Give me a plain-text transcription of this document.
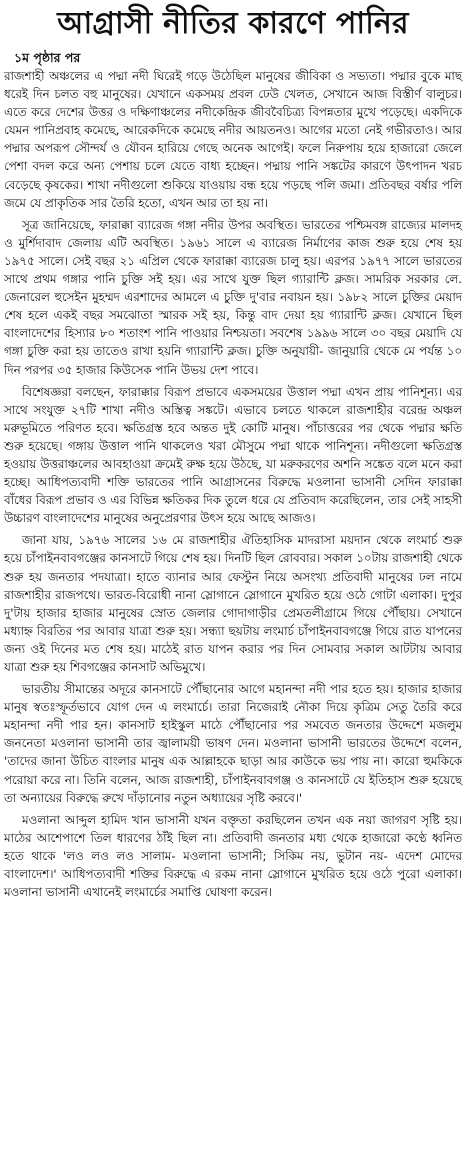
আগ্রাসী নীতির কারণে পানির
১ম পৃষ্ঠার পর

রাজশাহী অঞ্চলের এ পদ্মা নদী ঘিরেই গড়ে উঠেছিল মানুষের জীবিকা ও সভ্যতা। পদ্মার বুকে মাছ ধরেই দিন চলত বহু মানুষের। যেখানে একসময় প্রবল ঢেউ খেলত, সেখানে আজ বিস্তীর্ণ বালুচর। এতে করে দেশের উত্তর ও দক্ষিণাঞ্চলের নদীকেন্দ্রিক জীববৈচিত্র্য বিপন্নতার মুখে পড়েছে। একদিকে যেমন পানিপ্রবাহ কমেছে, আরেকদিকে কমেছে নদীর আয়তনও। আগের মতো নেই গভীরতাও। আর পদ্মার অপরূপ সৌন্দর্য ও যৌবন হারিয়ে গেছে অনেক আগেই। ফলে নিরুপায় হয়ে হাজারো জেলে পেশা বদল করে অন্য পেশায় চলে যেতে বাধ্য হচ্ছেন। পদ্মায় পানি সঙ্কটের কারণে উৎপাদন খরচ বেড়েছে কৃষকের। শাখা নদীগুলো শুকিয়ে যাওয়ায় বন্ধ হয়ে পড়ছে পলি জমা। প্রতিবছর বর্ষার পলি জমে যে প্রাকৃতিক সার তৈরি হতো, এখন আর তা হয় না।

সূত্র জানিয়েছে, ফারাক্কা ব্যারেজ গঙ্গা নদীর উপর অবস্থিত। ভারতের পশ্চিমবঙ্গ রাজ্যের মালদহ ও মুর্শিদাবাদ জেলায় এটি অবস্থিত। ১৯৬১ সালে এ ব্যারেজ নির্মাণের কাজ শুরু হয়ে শেষ হয় ১৯৭৫ সালে। সেই বছর ২১ এপ্রিল থেকে ফারাক্কা ব্যারেজ চালু হয়। এরপর ১৯৭৭ সালে ভারতের সাথে প্রথম গঙ্গার পানি চুক্তি সই হয়। এর সাথে যুক্ত ছিল গ্যারান্টি ক্লজ। সামরিক সরকার লে. জেনারেল হুসেইন মুহম্মদ এরশাদের আমলে এ চুক্তি দু'বার নবায়ন হয়। ১৯৮২ সালে চুক্তির মেয়াদ শেষ হলে একই বছর সমঝোতা স্মারক সই হয়, কিন্তু বাদ দেয়া হয় গ্যারান্টি ক্লজ। যেখানে ছিল বাংলাদেশের হিস্যার ৮০ শতাংশ পানি পাওয়ার নিশ্চয়তা। সবশেষ ১৯৯৬ সালে ৩০ বছর মেয়াদি যে গঙ্গা চুক্তি করা হয় তাতেও রাখা হয়নি গ্যারান্টি ক্লজ। চুক্তি অনুযায়ী- জানুয়ারি থেকে মে পর্যন্ত ১০ দিন পরপর ৩৫ হাজার কিউসেক পানি উভয় দেশ পাবে।

বিশেষজ্ঞরা বলছেন, ফারাক্কার বিরূপ প্রভাবে একসময়ের উত্তাল পদ্মা এখন প্রায় পানিশূন্য। এর সাথে সংযুক্ত ২৭টি শাখা নদীও অস্তিত্ব সঙ্কটে। এভাবে চলতে থাকলে রাজশাহীর বরেন্দ্র অঞ্চল মরুভূমিতে পরিণত হবে। ক্ষতিগ্রস্ত হবে অন্তত দুই কোটি মানুষ। পাঁচাত্তরের পর থেকে পদ্মার ক্ষতি শুরু হয়েছে। গঙ্গায় উত্তাল পানি থাকলেও খরা মৌসুমে পদ্মা থাকে পানিশূন্য। নদীগুলো ক্ষতিগ্রস্ত হওয়ায় উত্তরাঞ্চলের আবহাওয়া ক্রমেই রুক্ষ হয়ে উঠছে, যা মরুকরণের অশনি সঙ্কেত বলে মনে করা হচ্ছে। আধিপত্যবাদী শক্তি ভারতের পানি আগ্রাসনের বিরুদ্ধে মওলানা ভাসানী সেদিন ফারাক্কা বাঁধের বিরূপ প্রভাব ও এর বিভিন্ন ক্ষতিকর দিক তুলে ধরে যে প্রতিবাদ করেছিলেন, তার সেই সাহসী উচ্চারণ বাংলাদেশের মানুষের অনুপ্রেরণার উৎস হয়ে আছে আজও।

জানা যায়, ১৯৭৬ সালের ১৬ মে রাজশাহীর ঐতিহাসিক মাদরাসা ময়দান থেকে লংমার্চ শুরু হয়ে চাঁপাইনবাবগঞ্জের কানসাটে গিয়ে শেষ হয়। দিনটি ছিল রোববার। সকাল ১০টায় রাজশাহী থেকে শুরু হয় জনতার পদযাত্রা। হাতে ব্যানার আর ফেস্টুন নিয়ে অসংখ্য প্রতিবাদী মানুষের ঢল নামে রাজশাহীর রাজপথে। ভারত-বিরোধী নানা স্লোগানে স্লোগানে মুখরিত হয়ে ওঠে গোটা এলাকা। দুপুর দু'টায় হাজার হাজার মানুষের স্রোত জেলার গোদাগাড়ীর প্রেমতলীগ্রামে গিয়ে পৌঁছায়। সেখানে মধ্যাহ্ন বিরতির পর আবার যাত্রা শুরু হয়। সন্ধ্যা ছয়টায় লংমার্চ চাঁপাইনবাবগঞ্জে গিয়ে রাত যাপনের জন্য ওই দিনের মত শেষ হয়। মাঠেই রাত যাপন করার পর দিন সোমবার সকাল আটটায় আবার যাত্রা শুরু হয় শিবগঞ্জের কানসাট অভিমুখে।

ভারতীয় সীমান্তের অদূরে কানসাটে পৌঁছানোর আগে মহানন্দা নদী পার হতে হয়। হাজার হাজার মানুষ স্বতঃস্ফূর্তভাবে যোগ দেন এ লংমার্চে। তারা নিজেরাই নৌকা দিয়ে কৃত্রিম সেতু তৈরি করে মহানন্দা নদী পার হন। কানসাট হাইস্কুল মাঠে পৌঁছানোর পর সমবেত জনতার উদ্দেশে মজলুম জননেতা মওলানা ভাসানী তার জ্বালাময়ী ভাষণ দেন। মওলানা ভাসানী ভারতের উদ্দেশে বলেন, 'তাদের জানা উচিত বাংলার মানুষ এক আল্লাহকে ছাড়া আর কাউকে ভয় পায় না। কারো হুমকিকে পরোয়া করে না। তিনি বলেন, আজ রাজশাহী, চাঁপাইনবাবগঞ্জ ও কানসাটে যে ইতিহাস শুরু হয়েছে তা অন্যায়ের বিরুদ্ধে রুখে দাঁড়ানোর নতুন অধ্যায়ের সৃষ্টি করবে।'

মওলানা আব্দুল হামিদ খান ভাসানী যখন বক্তৃতা করছিলেন তখন এক নয়া জাগরণ সৃষ্টি হয়। মাঠের আশেপাশে তিল ধারণের ঠাঁই ছিল না। প্রতিবাদী জনতার মধ্য থেকে হাজারো কণ্ঠে ধ্বনিত হতে থাকে 'লও লও লও সালাম- মওলানা ভাসানী; সিকিম নয়, ভুটান নয়- এদেশ মোদের বাংলাদেশ।' আধিপত্যবাদী শক্তির বিরুদ্ধে এ রকম নানা স্লোগানে মুখরিত হয়ে ওঠে পুরো এলাকা। মওলানা ভাসানী এখানেই লংমার্চের সমাপ্তি ঘোষণা করেন।
